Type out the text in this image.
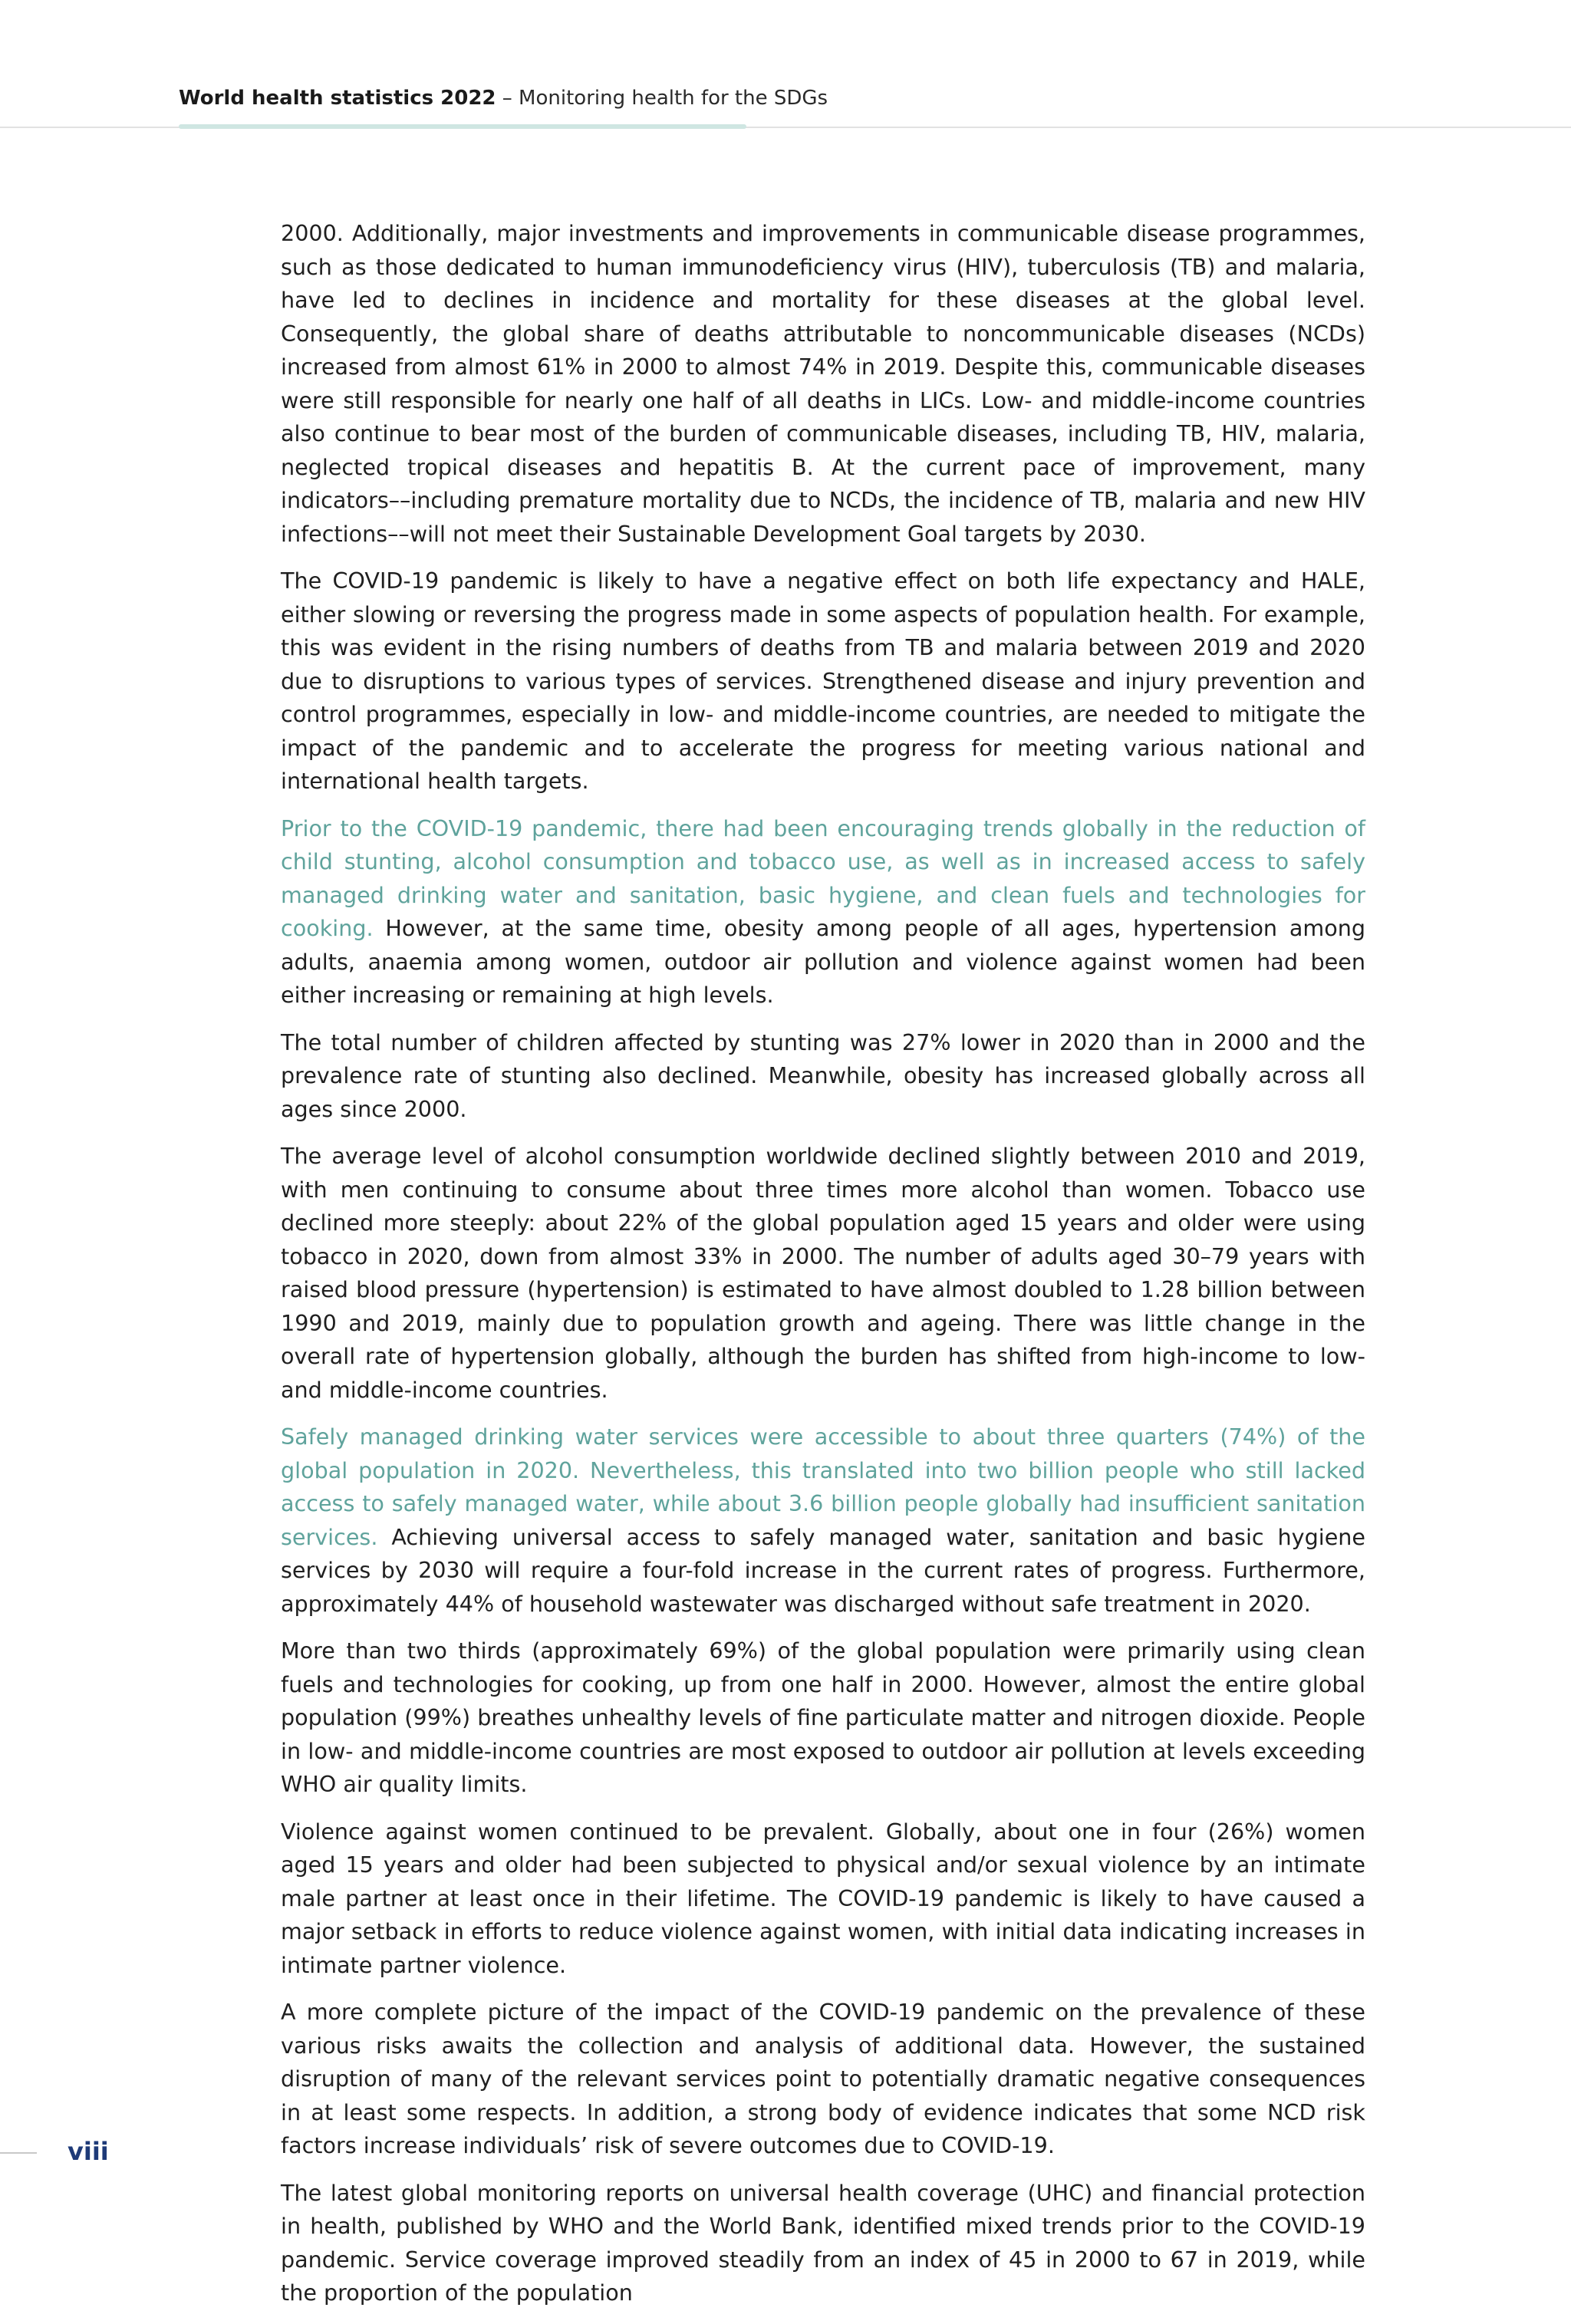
World health statistics 2022 – Monitoring health for the SDGs

2000. Additionally, major investments and improvements in communicable disease programmes, such as those dedicated to human immunodeficiency virus (HIV), tuberculosis (TB) and malaria, have led to declines in incidence and mortality for these diseases at the global level. Consequently, the global share of deaths attributable to noncommunicable diseases (NCDs) increased from almost 61% in 2000 to almost 74% in 2019. Despite this, communicable diseases were still responsible for nearly one half of all deaths in LICs. Low- and middle-income countries also continue to bear most of the burden of communicable diseases, including TB, HIV, malaria, neglected tropical diseases and hepatitis B. At the current pace of improvement, many indicators––including premature mortality due to NCDs, the incidence of TB, malaria and new HIV infections––will not meet their Sustainable Development Goal targets by 2030.

The COVID-19 pandemic is likely to have a negative effect on both life expectancy and HALE, either slowing or reversing the progress made in some aspects of population health. For example, this was evident in the rising numbers of deaths from TB and malaria between 2019 and 2020 due to disruptions to various types of services. Strengthened disease and injury prevention and control programmes, especially in low- and middle-income countries, are needed to mitigate the impact of the pandemic and to accelerate the progress for meeting various national and international health targets.

Prior to the COVID-19 pandemic, there had been encouraging trends globally in the reduction of child stunting, alcohol consumption and tobacco use, as well as in increased access to safely managed drinking water and sanitation, basic hygiene, and clean fuels and technologies for cooking. However, at the same time, obesity among people of all ages, hypertension among adults, anaemia among women, outdoor air pollution and violence against women had been either increasing or remaining at high levels.

The total number of children affected by stunting was 27% lower in 2020 than in 2000 and the prevalence rate of stunting also declined. Meanwhile, obesity has increased globally across all ages since 2000.

The average level of alcohol consumption worldwide declined slightly between 2010 and 2019, with men continuing to consume about three times more alcohol than women. Tobacco use declined more steeply: about 22% of the global population aged 15 years and older were using tobacco in 2020, down from almost 33% in 2000. The number of adults aged 30–79 years with raised blood pressure (hypertension) is estimated to have almost doubled to 1.28 billion between 1990 and 2019, mainly due to population growth and ageing. There was little change in the overall rate of hypertension globally, although the burden has shifted from high-income to low- and middle-income countries.

Safely managed drinking water services were accessible to about three quarters (74%) of the global population in 2020. Nevertheless, this translated into two billion people who still lacked access to safely managed water, while about 3.6 billion people globally had insufficient sanitation services. Achieving universal access to safely managed water, sanitation and basic hygiene services by 2030 will require a four-fold increase in the current rates of progress. Furthermore, approximately 44% of household wastewater was discharged without safe treatment in 2020.

More than two thirds (approximately 69%) of the global population were primarily using clean fuels and technologies for cooking, up from one half in 2000. However, almost the entire global population (99%) breathes unhealthy levels of fine particulate matter and nitrogen dioxide. People in low- and middle-income countries are most exposed to outdoor air pollution at levels exceeding WHO air quality limits.

Violence against women continued to be prevalent. Globally, about one in four (26%) women aged 15 years and older had been subjected to physical and/or sexual violence by an intimate male partner at least once in their lifetime. The COVID-19 pandemic is likely to have caused a major setback in efforts to reduce violence against women, with initial data indicating increases in intimate partner violence.

A more complete picture of the impact of the COVID-19 pandemic on the prevalence of these various risks awaits the collection and analysis of additional data. However, the sustained disruption of many of the relevant services point to potentially dramatic negative consequences in at least some respects. In addition, a strong body of evidence indicates that some NCD risk factors increase individuals’ risk of severe outcomes due to COVID-19.

The latest global monitoring reports on universal health coverage (UHC) and financial protection in health, published by WHO and the World Bank, identified mixed trends prior to the COVID-19 pandemic. Service coverage improved steadily from an index of 45 in 2000 to 67 in 2019, while the proportion of the population

viii
